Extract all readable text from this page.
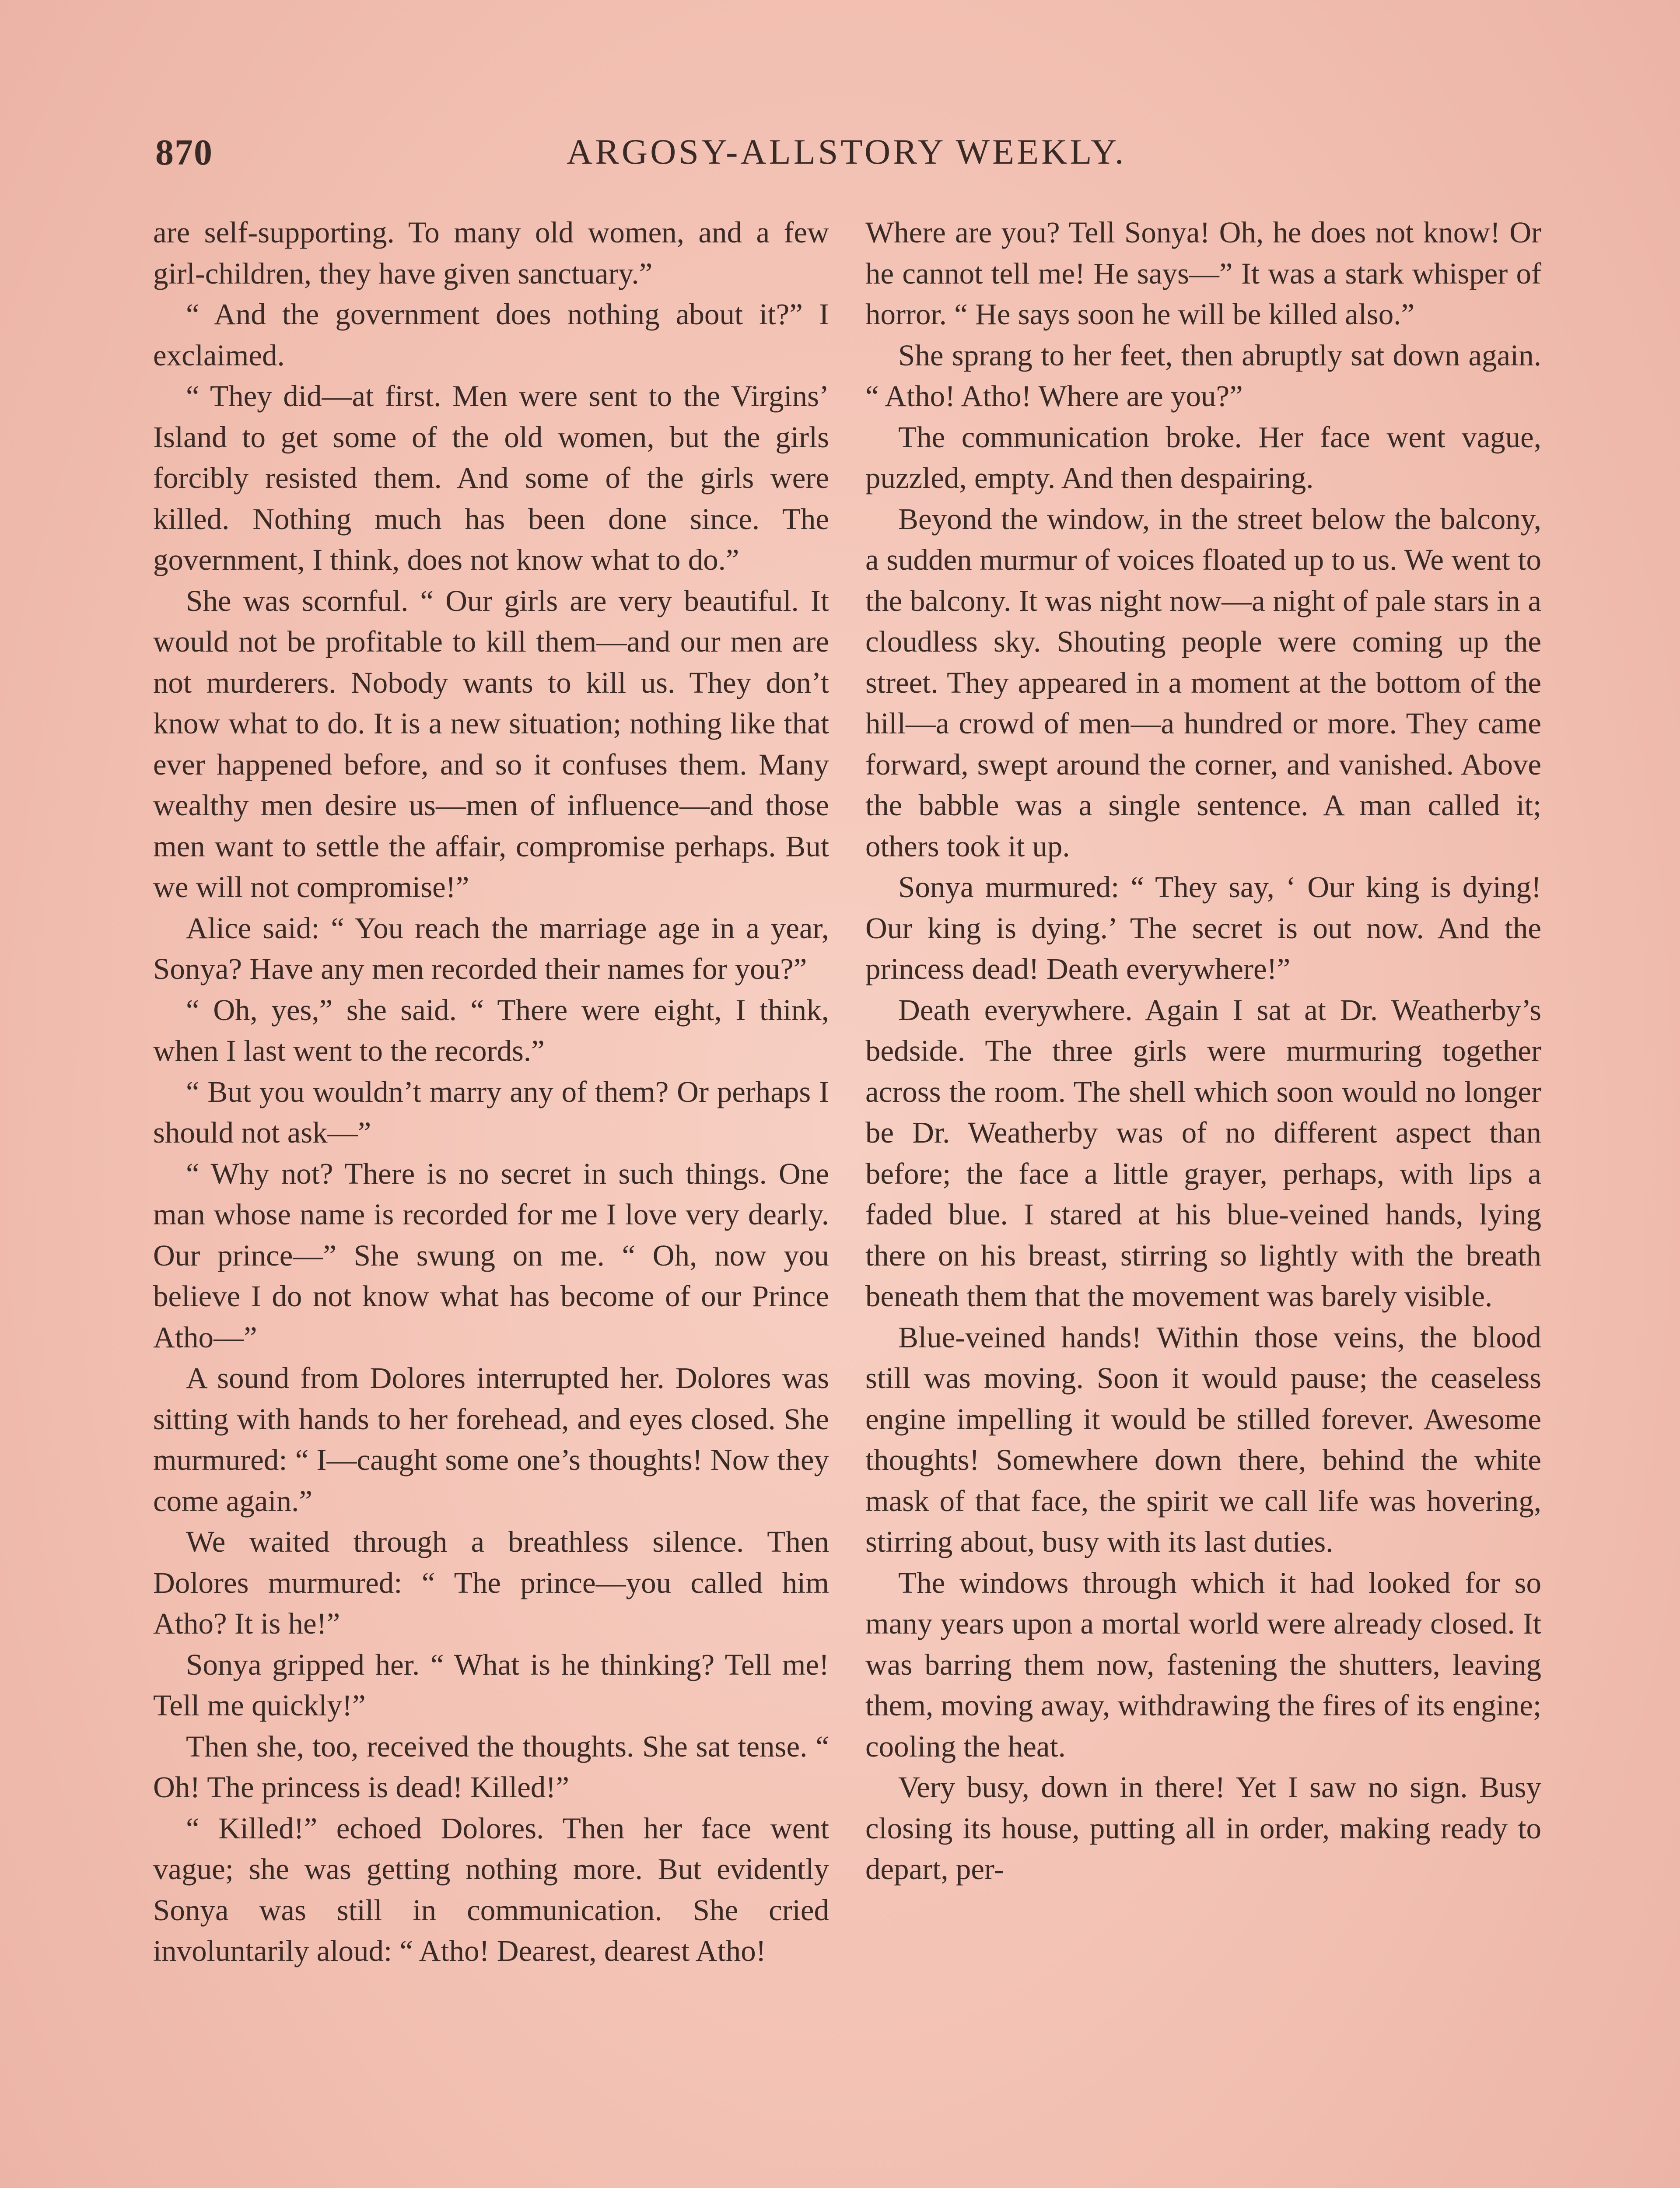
870	ARGOSY-ALLSTORY WEEKLY.

are self-supporting. To many old women, and a few girl-children, they have given sanctuary.”

“ And the government does nothing about it?” I exclaimed.

“ They did—at first. Men were sent to the Virgins’ Island to get some of the old women, but the girls forcibly resisted them. And some of the girls were killed. Nothing much has been done since. The government, I think, does not know what to do.”

She was scornful. “ Our girls are very beautiful. It would not be profitable to kill them—and our men are not murderers. Nobody wants to kill us. They don’t know what to do. It is a new situation; nothing like that ever happened before, and so it confuses them. Many wealthy men desire us—men of influence—and those men want to settle the affair, compromise perhaps. But we will not compromise!”

Alice said: “ You reach the marriage age in a year, Sonya? Have any men recorded their names for you?”

“ Oh, yes,” she said. “ There were eight, I think, when I last went to the records.”

“ But you wouldn’t marry any of them? Or perhaps I should not ask—”

“ Why not? There is no secret in such things. One man whose name is recorded for me I love very dearly. Our prince—” She swung on me. “ Oh, now you believe I do not know what has become of our Prince Atho—”

A sound from Dolores interrupted her. Dolores was sitting with hands to her forehead, and eyes closed. She murmured: “ I—caught some one’s thoughts! Now they come again.”

We waited through a breathless silence. Then Dolores murmured: “ The prince—you called him Atho? It is he!”

Sonya gripped her. “ What is he thinking? Tell me! Tell me quickly!”

Then she, too, received the thoughts. She sat tense. “ Oh! The princess is dead! Killed!”

“ Killed!” echoed Dolores. Then her face went vague; she was getting nothing more. But evidently Sonya was still in communication. She cried involuntarily aloud: “ Atho! Dearest, dearest Atho!

Where are you? Tell Sonya! Oh, he does not know! Or he cannot tell me! He says—” It was a stark whisper of horror. “ He says soon he will be killed also.”

She sprang to her feet, then abruptly sat down again. “ Atho! Atho! Where are you?”

The communication broke. Her face went vague, puzzled, empty. And then despairing.

Beyond the window, in the street below the balcony, a sudden murmur of voices floated up to us. We went to the balcony. It was night now—a night of pale stars in a cloudless sky. Shouting people were coming up the street. They appeared in a moment at the bottom of the hill—a crowd of men—a hundred or more. They came forward, swept around the corner, and vanished. Above the babble was a single sentence. A man called it; others took it up.

Sonya murmured: “ They say, ‘ Our king is dying! Our king is dying.’ The secret is out now. And the princess dead! Death everywhere!”

Death everywhere. Again I sat at Dr. Weatherby’s bedside. The three girls were murmuring together across the room. The shell which soon would no longer be Dr. Weatherby was of no different aspect than before; the face a little grayer, perhaps, with lips a faded blue. I stared at his blue-veined hands, lying there on his breast, stirring so lightly with the breath beneath them that the movement was barely visible.

Blue-veined hands! Within those veins, the blood still was moving. Soon it would pause; the ceaseless engine impelling it would be stilled forever. Awesome thoughts! Somewhere down there, behind the white mask of that face, the spirit we call life was hovering, stirring about, busy with its last duties.

The windows through which it had looked for so many years upon a mortal world were already closed. It was barring them now, fastening the shutters, leaving them, moving away, withdrawing the fires of its engine; cooling the heat.

Very busy, down in there! Yet I saw no sign. Busy closing its house, putting all in order, making ready to depart, per-
